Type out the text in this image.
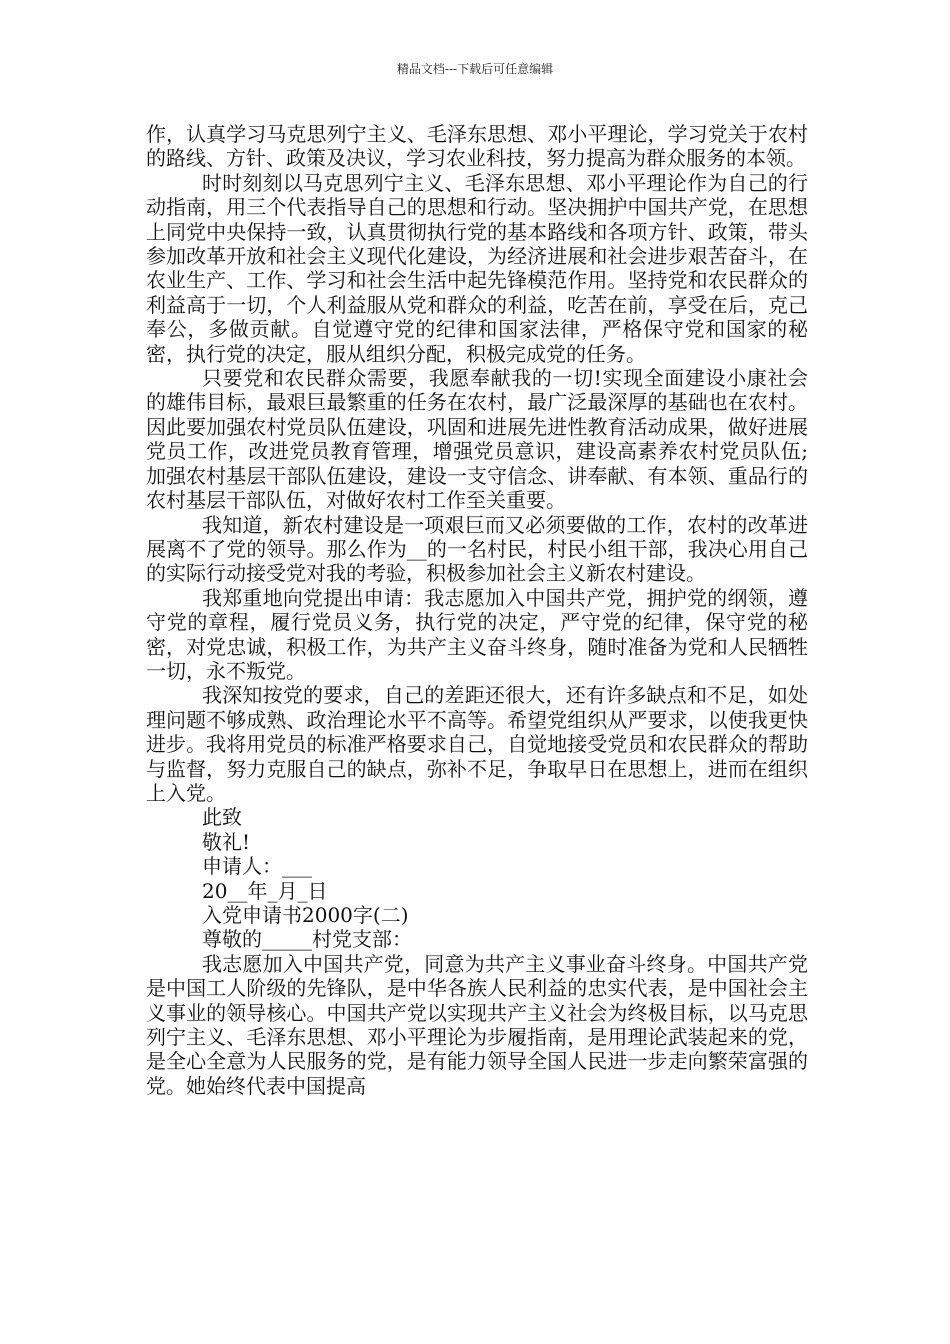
精品文档---下载后可任意编辑

作，认真学习马克思列宁主义、毛泽东思想、邓小平理论，学习党关于农村的路线、方针、政策及决议，学习农业科技，努力提高为群众服务的本领。

时时刻刻以马克思列宁主义、毛泽东思想、邓小平理论作为自己的行动指南，用三个代表指导自己的思想和行动。坚决拥护中国共产党，在思想上同党中央保持一致，认真贯彻执行党的基本路线和各项方针、政策，带头参加改革开放和社会主义现代化建设，为经济进展和社会进步艰苦奋斗，在农业生产、工作、学习和社会生活中起先锋模范作用。坚持党和农民群众的利益高于一切，个人利益服从党和群众的利益，吃苦在前，享受在后，克己奉公，多做贡献。自觉遵守党的纪律和国家法律，严格保守党和国家的秘密，执行党的决定，服从组织分配，积极完成党的任务。

只要党和农民群众需要，我愿奉献我的一切!实现全面建设小康社会的雄伟目标，最艰巨最繁重的任务在农村，最广泛最深厚的基础也在农村。因此要加强农村党员队伍建设，巩固和进展先进性教育活动成果，做好进展党员工作，改进党员教育管理，增强党员意识，建设高素养农村党员队伍;加强农村基层干部队伍建设，建设一支守信念、讲奉献、有本领、重品行的农村基层干部队伍，对做好农村工作至关重要。

我知道，新农村建设是一项艰巨而又必须要做的工作，农村的改革进展离不了党的领导。那么作为__的一名村民，村民小组干部，我决心用自己的实际行动接受党对我的考验，积极参加社会主义新农村建设。

我郑重地向党提出申请：我志愿加入中国共产党，拥护党的纲领，遵守党的章程，履行党员义务，执行党的决定，严守党的纪律，保守党的秘密，对党忠诚，积极工作，为共产主义奋斗终身，随时准备为党和人民牺牲一切，永不叛党。

我深知按党的要求，自己的差距还很大，还有许多缺点和不足，如处理问题不够成熟、政治理论水平不高等。希望党组织从严要求，以使我更快进步。我将用党员的标准严格要求自己，自觉地接受党员和农民群众的帮助与监督，努力克服自己的缺点，弥补不足，争取早日在思想上，进而在组织上入党。

此致

敬礼!

申请人：___

20__年_月_日

入党申请书2000字(二)

尊敬的_____村党支部：

我志愿加入中国共产党，同意为共产主义事业奋斗终身。中国共产党是中国工人阶级的先锋队，是中华各族人民利益的忠实代表，是中国社会主义事业的领导核心。中国共产党以实现共产主义社会为终极目标，以马克思列宁主义、毛泽东思想、邓小平理论为步履指南，是用理论武装起来的党，是全心全意为人民服务的党，是有能力领导全国人民进一步走向繁荣富强的党。她始终代表中国提高
